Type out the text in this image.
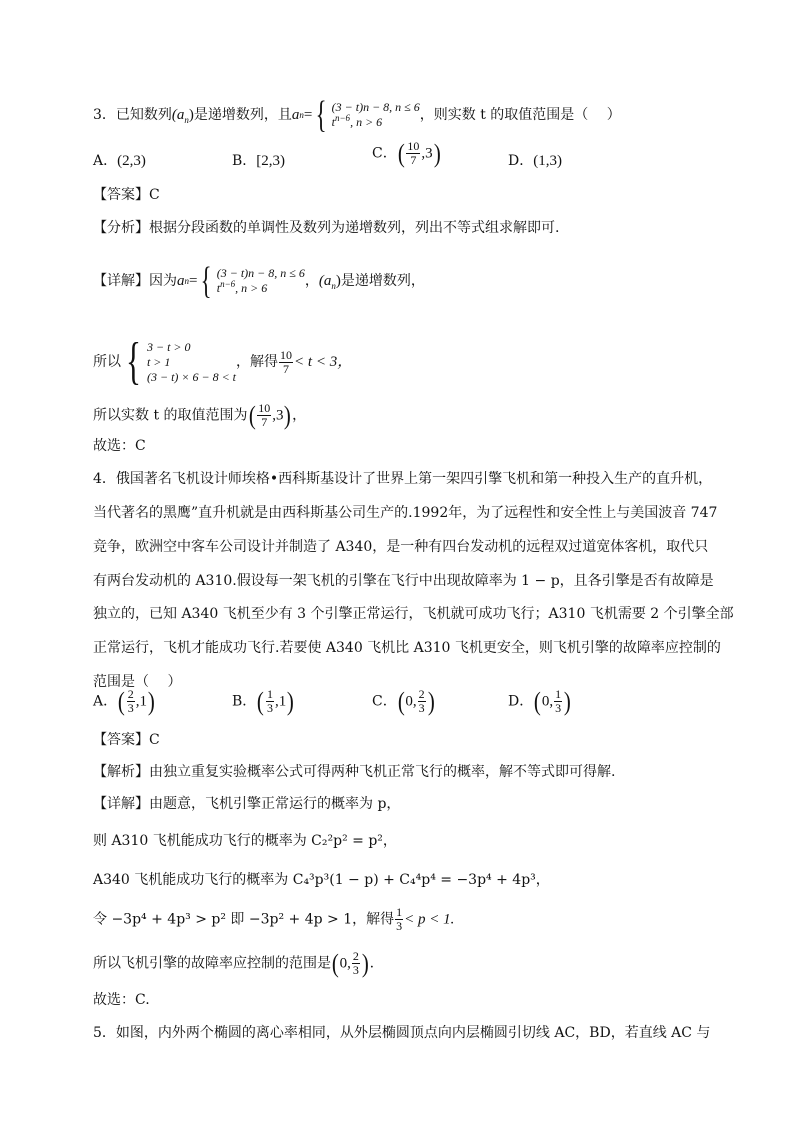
3．已知数列$(a_n)$是递增数列，且 a n = { (3 − t)n − 8, n ≤ 6
$t^{n-6}$, n > 6	，则实数 t 的取值范围是（　 ）
A．(2,3)	B．[2,3)	C．( $\frac{10}{7} ,3$)	D．(1,3)
【答案】C
【分析】根据分段函数的单调性及数列为递增数列，列出不等式组求解即可.
【详解】因为 a n = { (3 − t)n − 8, n ≤ 6
$t^{n-6}$, n > 6	，$(a_n)$是递增数列，
所以 { 3 − t > 0
t > 1
(3 − t) × 6 − 8 < t
，解得 $\frac{10}{7} < t < 3$，
所以实数 t 的取值范围为( $\frac{10}{7} ,3$)，
故选：C
4．俄国著名飞机设计师埃格•西科斯基设计了世界上第一架四引擎飞机和第一种投入生产的直升机，
当代著名的黑鹰”直升机就是由西科斯基公司生产的.1992年，为了远程性和安全性上与美国波音 747
竞争，欧洲空中客车公司设计并制造了 A340，是一种有四台发动机的远程双过道宽体客机，取代只
有两台发动机的 A310.假设每一架飞机的引擎在飞行中出现故障率为 1 − p，且各引擎是否有故障是
独立的，已知 A340 飞机至少有 3 个引擎正常运行，飞机就可成功飞行；A310 飞机需要 2 个引擎全部
正常运行，飞机才能成功飞行.若要使 A340 飞机比 A310 飞机更安全，则飞机引擎的故障率应控制的
范围是（　 ）
A．( $\frac{2}{3} ,1$)	B．( $\frac{1}{3} ,1$)	C．(0, $\frac{2}{3}$ )	D．(0, $\frac{1}{3}$ )
【答案】C
【解析】由独立重复实验概率公式可得两种飞机正常飞行的概率，解不等式即可得解.
【详解】由题意，飞机引擎正常运行的概率为 p，
则 A310 飞机能成功飞行的概率为 C₂²p² = p²，
A340 飞机能成功飞行的概率为 C₄³p³(1 − p) + C₄⁴p⁴ = −3p⁴ + 4p³，
令 −3p⁴ + 4p³ > p² 即 −3p² + 4p > 1，解得 $\frac{1}{3} < p < 1$.
所以飞机引擎的故障率应控制的范围是(0, $\frac{2}{3}$ ).
故选：C.
5．如图，内外两个椭圆的离心率相同，从外层椭圆顶点向内层椭圆引切线 AC，BD，若直线 AC 与
